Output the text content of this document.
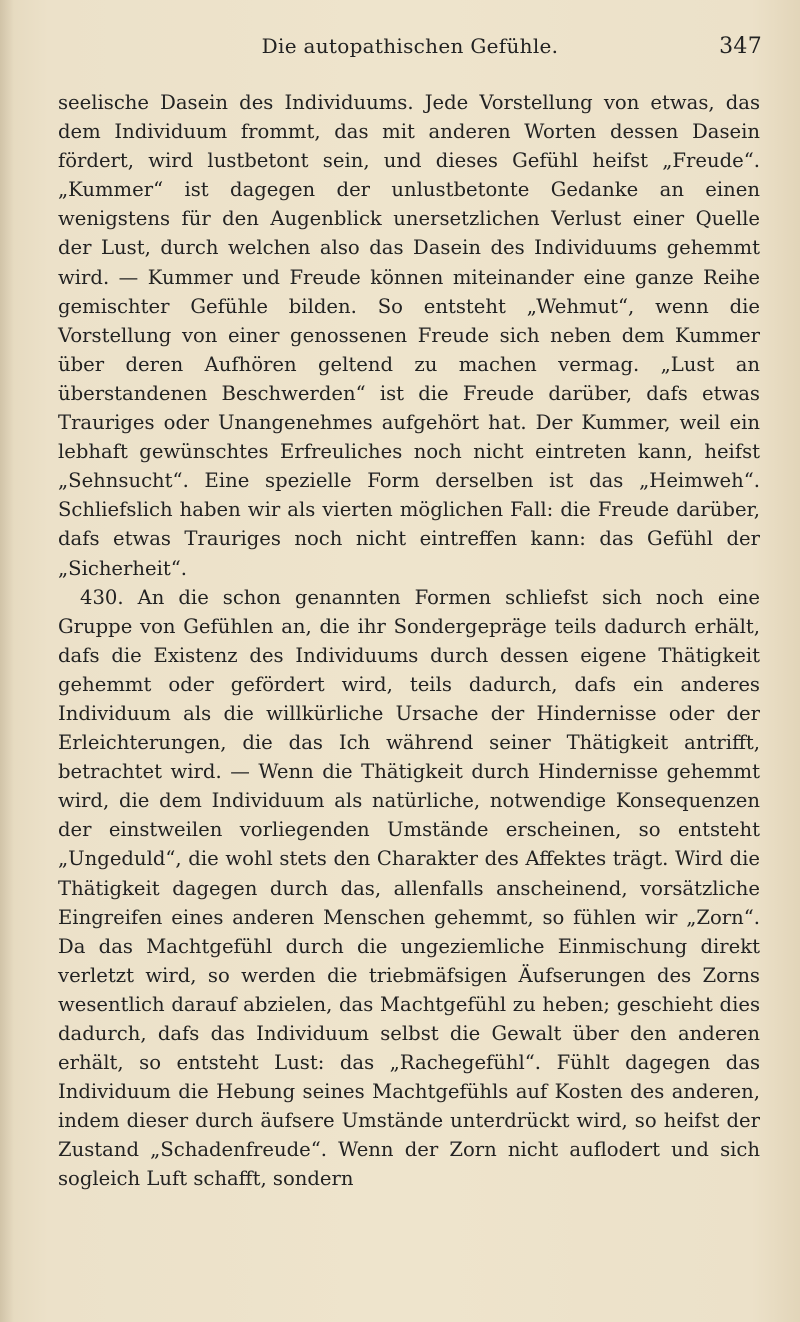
Die autopathischen Gefühle.	347

seelische Dasein des Individuums. Jede Vorstellung von etwas, das dem Individuum frommt, das mit anderen Worten dessen Dasein fördert, wird lustbetont sein, und dieses Gefühl heifst „Freude“. „Kummer“ ist dagegen der unlustbetonte Gedanke an einen wenigstens für den Augenblick unersetzlichen Verlust einer Quelle der Lust, durch welchen also das Dasein des Individuums gehemmt wird. — Kummer und Freude können miteinander eine ganze Reihe gemischter Gefühle bilden. So entsteht „Wehmut“, wenn die Vorstellung von einer genossenen Freude sich neben dem Kummer über deren Aufhören geltend zu machen vermag. „Lust an überstandenen Beschwerden“ ist die Freude darüber, dafs etwas Trauriges oder Unangenehmes aufgehört hat. Der Kummer, weil ein lebhaft gewünschtes Erfreuliches noch nicht eintreten kann, heifst „Sehnsucht“. Eine spezielle Form derselben ist das „Heimweh“. Schliefslich haben wir als vierten möglichen Fall: die Freude darüber, dafs etwas Trauriges noch nicht eintreffen kann: das Gefühl der „Sicherheit“.

430. An die schon genannten Formen schliefst sich noch eine Gruppe von Gefühlen an, die ihr Sondergepräge teils dadurch erhält, dafs die Existenz des Individuums durch dessen eigene Thätigkeit gehemmt oder gefördert wird, teils dadurch, dafs ein anderes Individuum als die willkürliche Ursache der Hindernisse oder der Erleichterungen, die das Ich während seiner Thätigkeit antrifft, betrachtet wird. — Wenn die Thätigkeit durch Hindernisse gehemmt wird, die dem Individuum als natürliche, notwendige Konsequenzen der einstweilen vorliegenden Umstände erscheinen, so entsteht „Ungeduld“, die wohl stets den Charakter des Affektes trägt. Wird die Thätigkeit dagegen durch das, allenfalls anscheinend, vorsätzliche Eingreifen eines anderen Menschen gehemmt, so fühlen wir „Zorn“. Da das Machtgefühl durch die ungeziemliche Einmischung direkt verletzt wird, so werden die triebmäfsigen Äufserungen des Zorns wesentlich darauf abzielen, das Machtgefühl zu heben; geschieht dies dadurch, dafs das Individuum selbst die Gewalt über den anderen erhält, so entsteht Lust: das „Rachegefühl“. Fühlt dagegen das Individuum die Hebung seines Machtgefühls auf Kosten des anderen, indem dieser durch äufsere Umstände unterdrückt wird, so heifst der Zustand „Schadenfreude“. Wenn der Zorn nicht auflodert und sich sogleich Luft schafft, sondern
